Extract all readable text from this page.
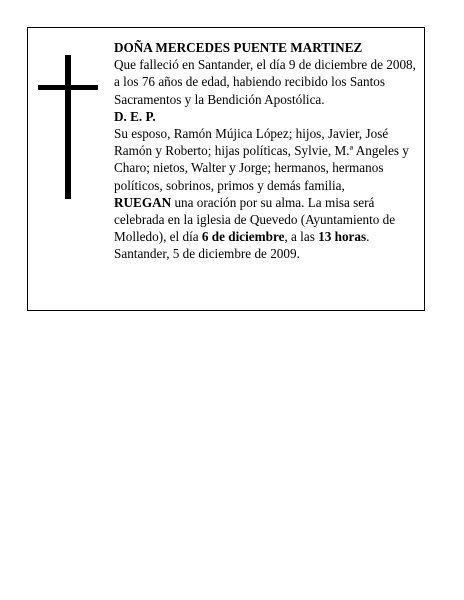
DOÑA MERCEDES PUENTE MARTINEZ

Que falleció en Santander, el día 9 de diciembre de 2008, a los 76 años de edad, habiendo recibido los Santos Sacramentos y la Bendición Apostólica.

D. E. P.

Su esposo, Ramón Mújica López; hijos, Javier, José Ramón y Roberto; hijas políticas, Sylvie, M.ª Angeles y Charo; nietos, Walter y Jorge; hermanos, hermanos políticos, sobrinos, primos y demás familia,

RUEGAN una oración por su alma. La misa será celebrada en la iglesia de Quevedo (Ayuntamiento de Molledo), el día 6 de diciembre, a las 13 horas.

Santander, 5 de diciembre de 2009.
